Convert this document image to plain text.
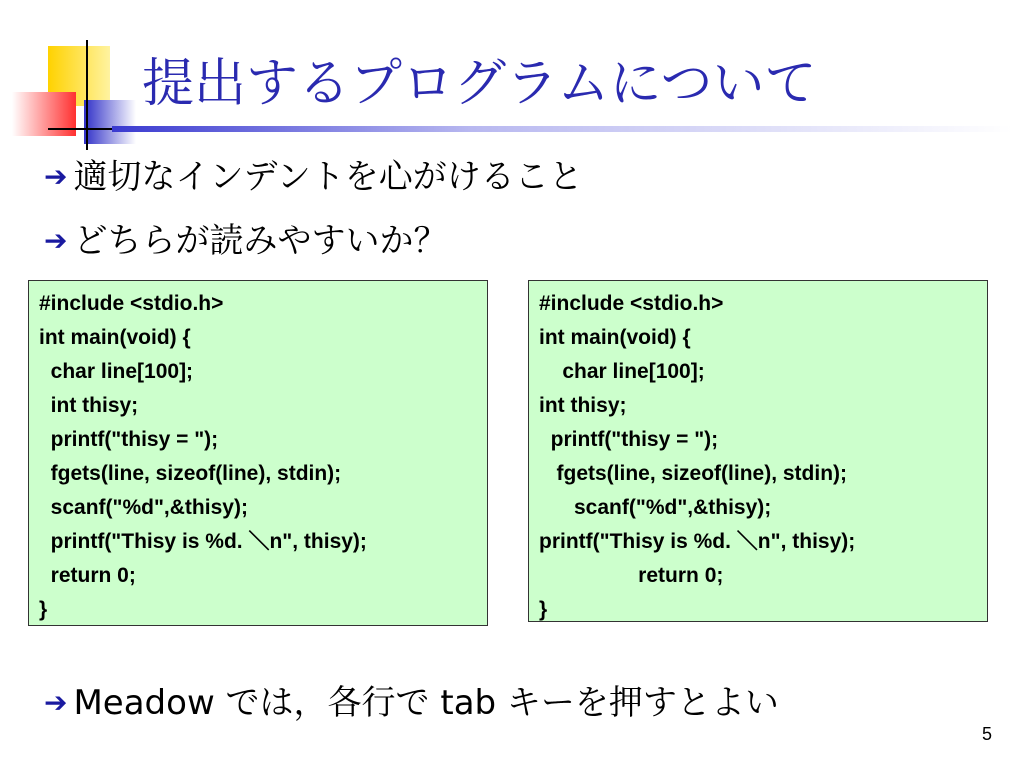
提出するプログラムについて
➔ 適切なインデントを心がけること
➔ どちらが読みやすいか？
#include <stdio.h>
int main(void) {
char line[100];
int thisy;
printf("thisy = ");
fgets(line, sizeof(line), stdin);
scanf("%d",&thisy);
printf("Thisy is %d. ＼n", thisy);
return 0;
}
#include <stdio.h>
int main(void) {
char line[100];
int thisy;
printf("thisy = ");
fgets(line, sizeof(line), stdin);
scanf("%d",&thisy);
printf("Thisy is %d. ＼n", thisy);
return 0;
}
➔ Meadow では，各行で tab キーを押すとよい
5
